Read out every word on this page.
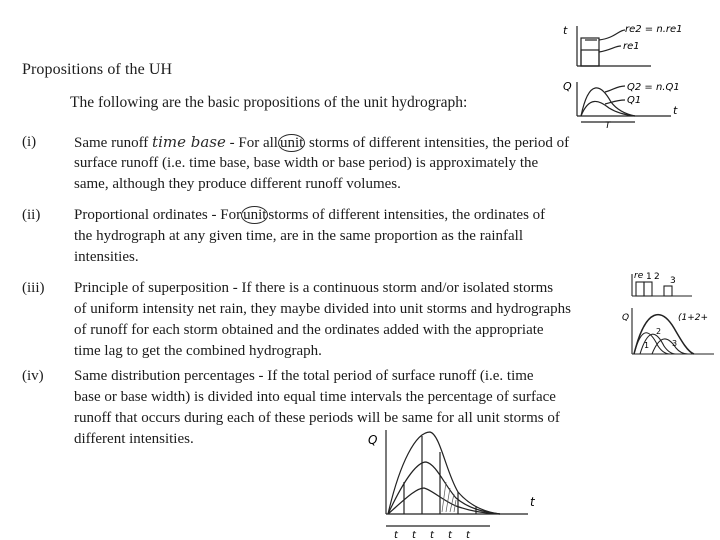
Propositions of the UH
The following are the basic propositions of the unit hydrograph:
(i)	Same runoff time base - For all unit storms of different intensities, the period of
surface runoff (i.e. time base, base width or base period) is approximately the
same, although they produce different runoff volumes.
(ii)	Proportional ordinates - For unit storms of different intensities, the ordinates of
the hydrograph at any given time, are in the same proportion as the rainfall
intensities.
(iii)	Principle of superposition - If there is a continuous storm and/or isolated storms
of uniform intensity net rain, they maybe divided into unit storms and hydrographs
of runoff for each storm obtained and the ordinates added with the appropriate
time lag to get the combined hydrograph.
(iv)	Same distribution percentages - If the total period of surface runoff (i.e. time
base or base width) is divided into equal time intervals the percentage of surface
runoff that occurs during each of these periods will be same for all unit storms of
different intensities.
t	re2 = n.re1
re1
Q	Q2 = n.Q1
Q1
t
T
re 1 2 3
Q	(1+2+
1
2
3
Q
t
t t t t t
